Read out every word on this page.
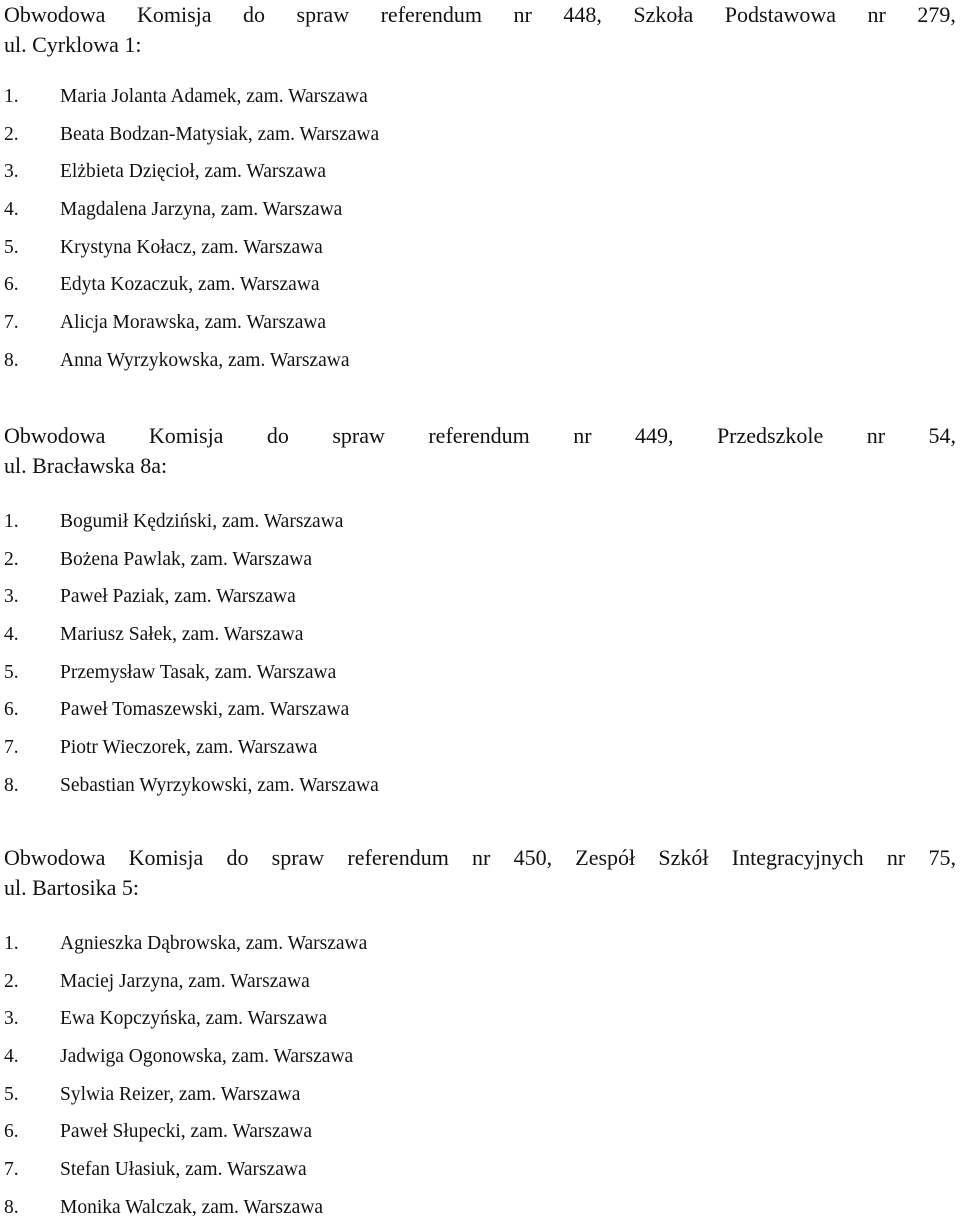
Obwodowa Komisja do spraw referendum nr 448, Szkoła Podstawowa nr 279,
ul. Cyrklowa 1:
1. Maria Jolanta Adamek, zam. Warszawa
2. Beata Bodzan-Matysiak, zam. Warszawa
3. Elżbieta Dzięcioł, zam. Warszawa
4. Magdalena Jarzyna, zam. Warszawa
5. Krystyna Kołacz, zam. Warszawa
6. Edyta Kozaczuk, zam. Warszawa
7. Alicja Morawska, zam. Warszawa
8. Anna Wyrzykowska, zam. Warszawa
Obwodowa Komisja do spraw referendum nr 449, Przedszkole nr 54,
ul. Bracławska 8a:
1. Bogumił Kędziński, zam. Warszawa
2. Bożena Pawlak, zam. Warszawa
3. Paweł Paziak, zam. Warszawa
4. Mariusz Sałek, zam. Warszawa
5. Przemysław Tasak, zam. Warszawa
6. Paweł Tomaszewski, zam. Warszawa
7. Piotr Wieczorek, zam. Warszawa
8. Sebastian Wyrzykowski, zam. Warszawa
Obwodowa Komisja do spraw referendum nr 450, Zespół Szkół Integracyjnych nr 75,
ul. Bartosika 5:
1. Agnieszka Dąbrowska, zam. Warszawa
2. Maciej Jarzyna, zam. Warszawa
3. Ewa Kopczyńska, zam. Warszawa
4. Jadwiga Ogonowska, zam. Warszawa
5. Sylwia Reizer, zam. Warszawa
6. Paweł Słupecki, zam. Warszawa
7. Stefan Ułasiuk, zam. Warszawa
8. Monika Walczak, zam. Warszawa
